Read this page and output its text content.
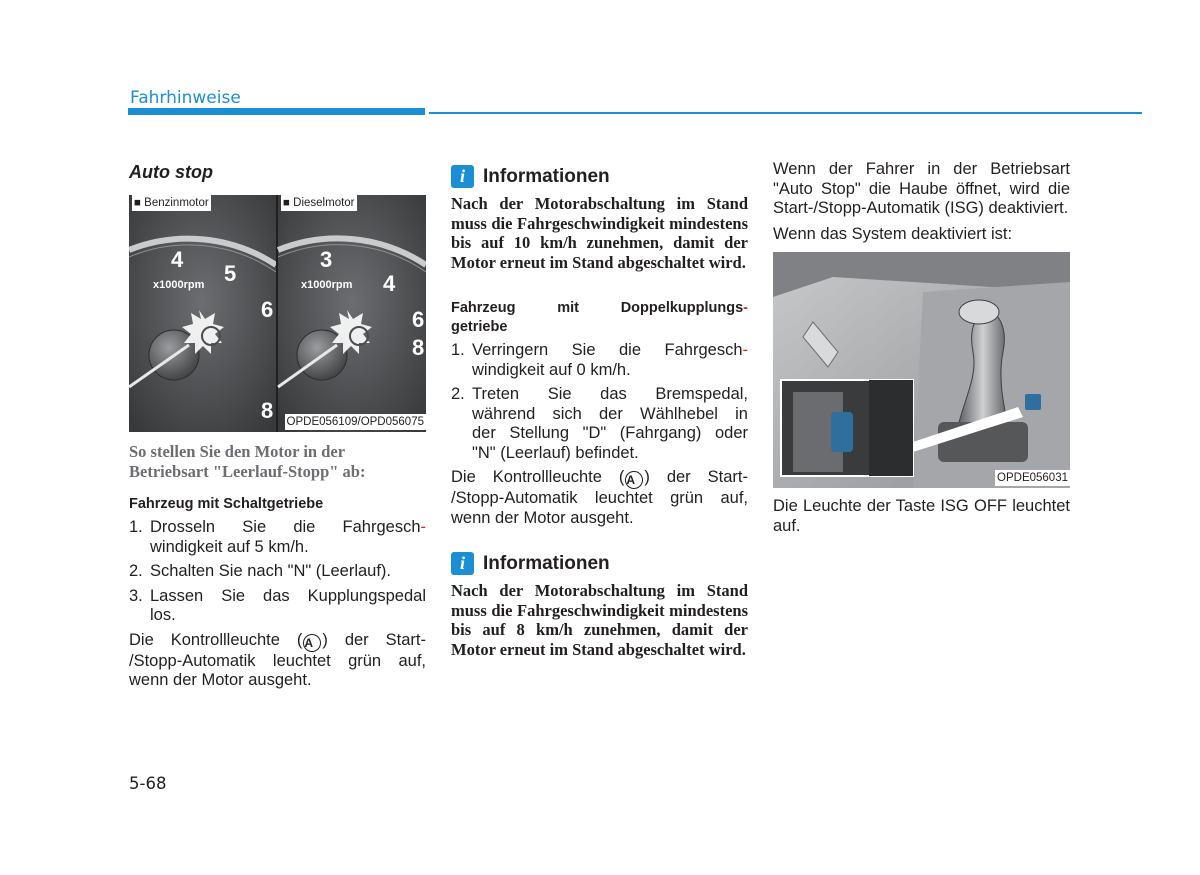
Fahrhinweise
Auto stop
■ Benzinmotor	■ Dieselmotor
4
5
6
8
x1000rpm
3
4
6
8
x1000rpm
OPDE056109/OPD056075
So stellen Sie den Motor in der Betriebsart "Leerlauf-Stopp" ab:
Fahrzeug mit Schaltgetriebe
1. Drosseln Sie die Fahrgesch-
windigkeit auf 5 km/h.
2. Schalten Sie nach "N" (Leerlauf).
3. Lassen Sie das Kupplungspedal
los.
Die Kontrollleuchte ( A ) der Start-
/Stopp-Automatik leuchtet grün auf,
wenn der Motor ausgeht.
i Informationen
Nach der Motorabschaltung im Stand muss die Fahrgeschwindigkeit mindestens bis auf 10 km/h zunehmen, damit der Motor erneut im Stand abgeschaltet wird.
Fahrzeug mit Doppelkupplungs-
getriebe
1. Verringern Sie die Fahrgesch-
windigkeit auf 0 km/h.
2. Treten Sie das Bremspedal,
während sich der Wählhebel in
der Stellung "D" (Fahrgang) oder
"N" (Leerlauf) befindet.
Die Kontrollleuchte ( A ) der Start-
/Stopp-Automatik leuchtet grün auf,
wenn der Motor ausgeht.
i Informationen
Nach der Motorabschaltung im Stand muss die Fahrgeschwindigkeit mindestens bis auf 8 km/h zunehmen, damit der Motor erneut im Stand abgeschaltet wird.
Wenn der Fahrer in der Betriebsart "Auto Stop" die Haube öffnet, wird die Start-/Stopp-Automatik (ISG) deaktiviert.
Wenn das System deaktiviert ist:
OPDE056031
Die Leuchte der Taste ISG OFF leuchtet auf.
5-68
